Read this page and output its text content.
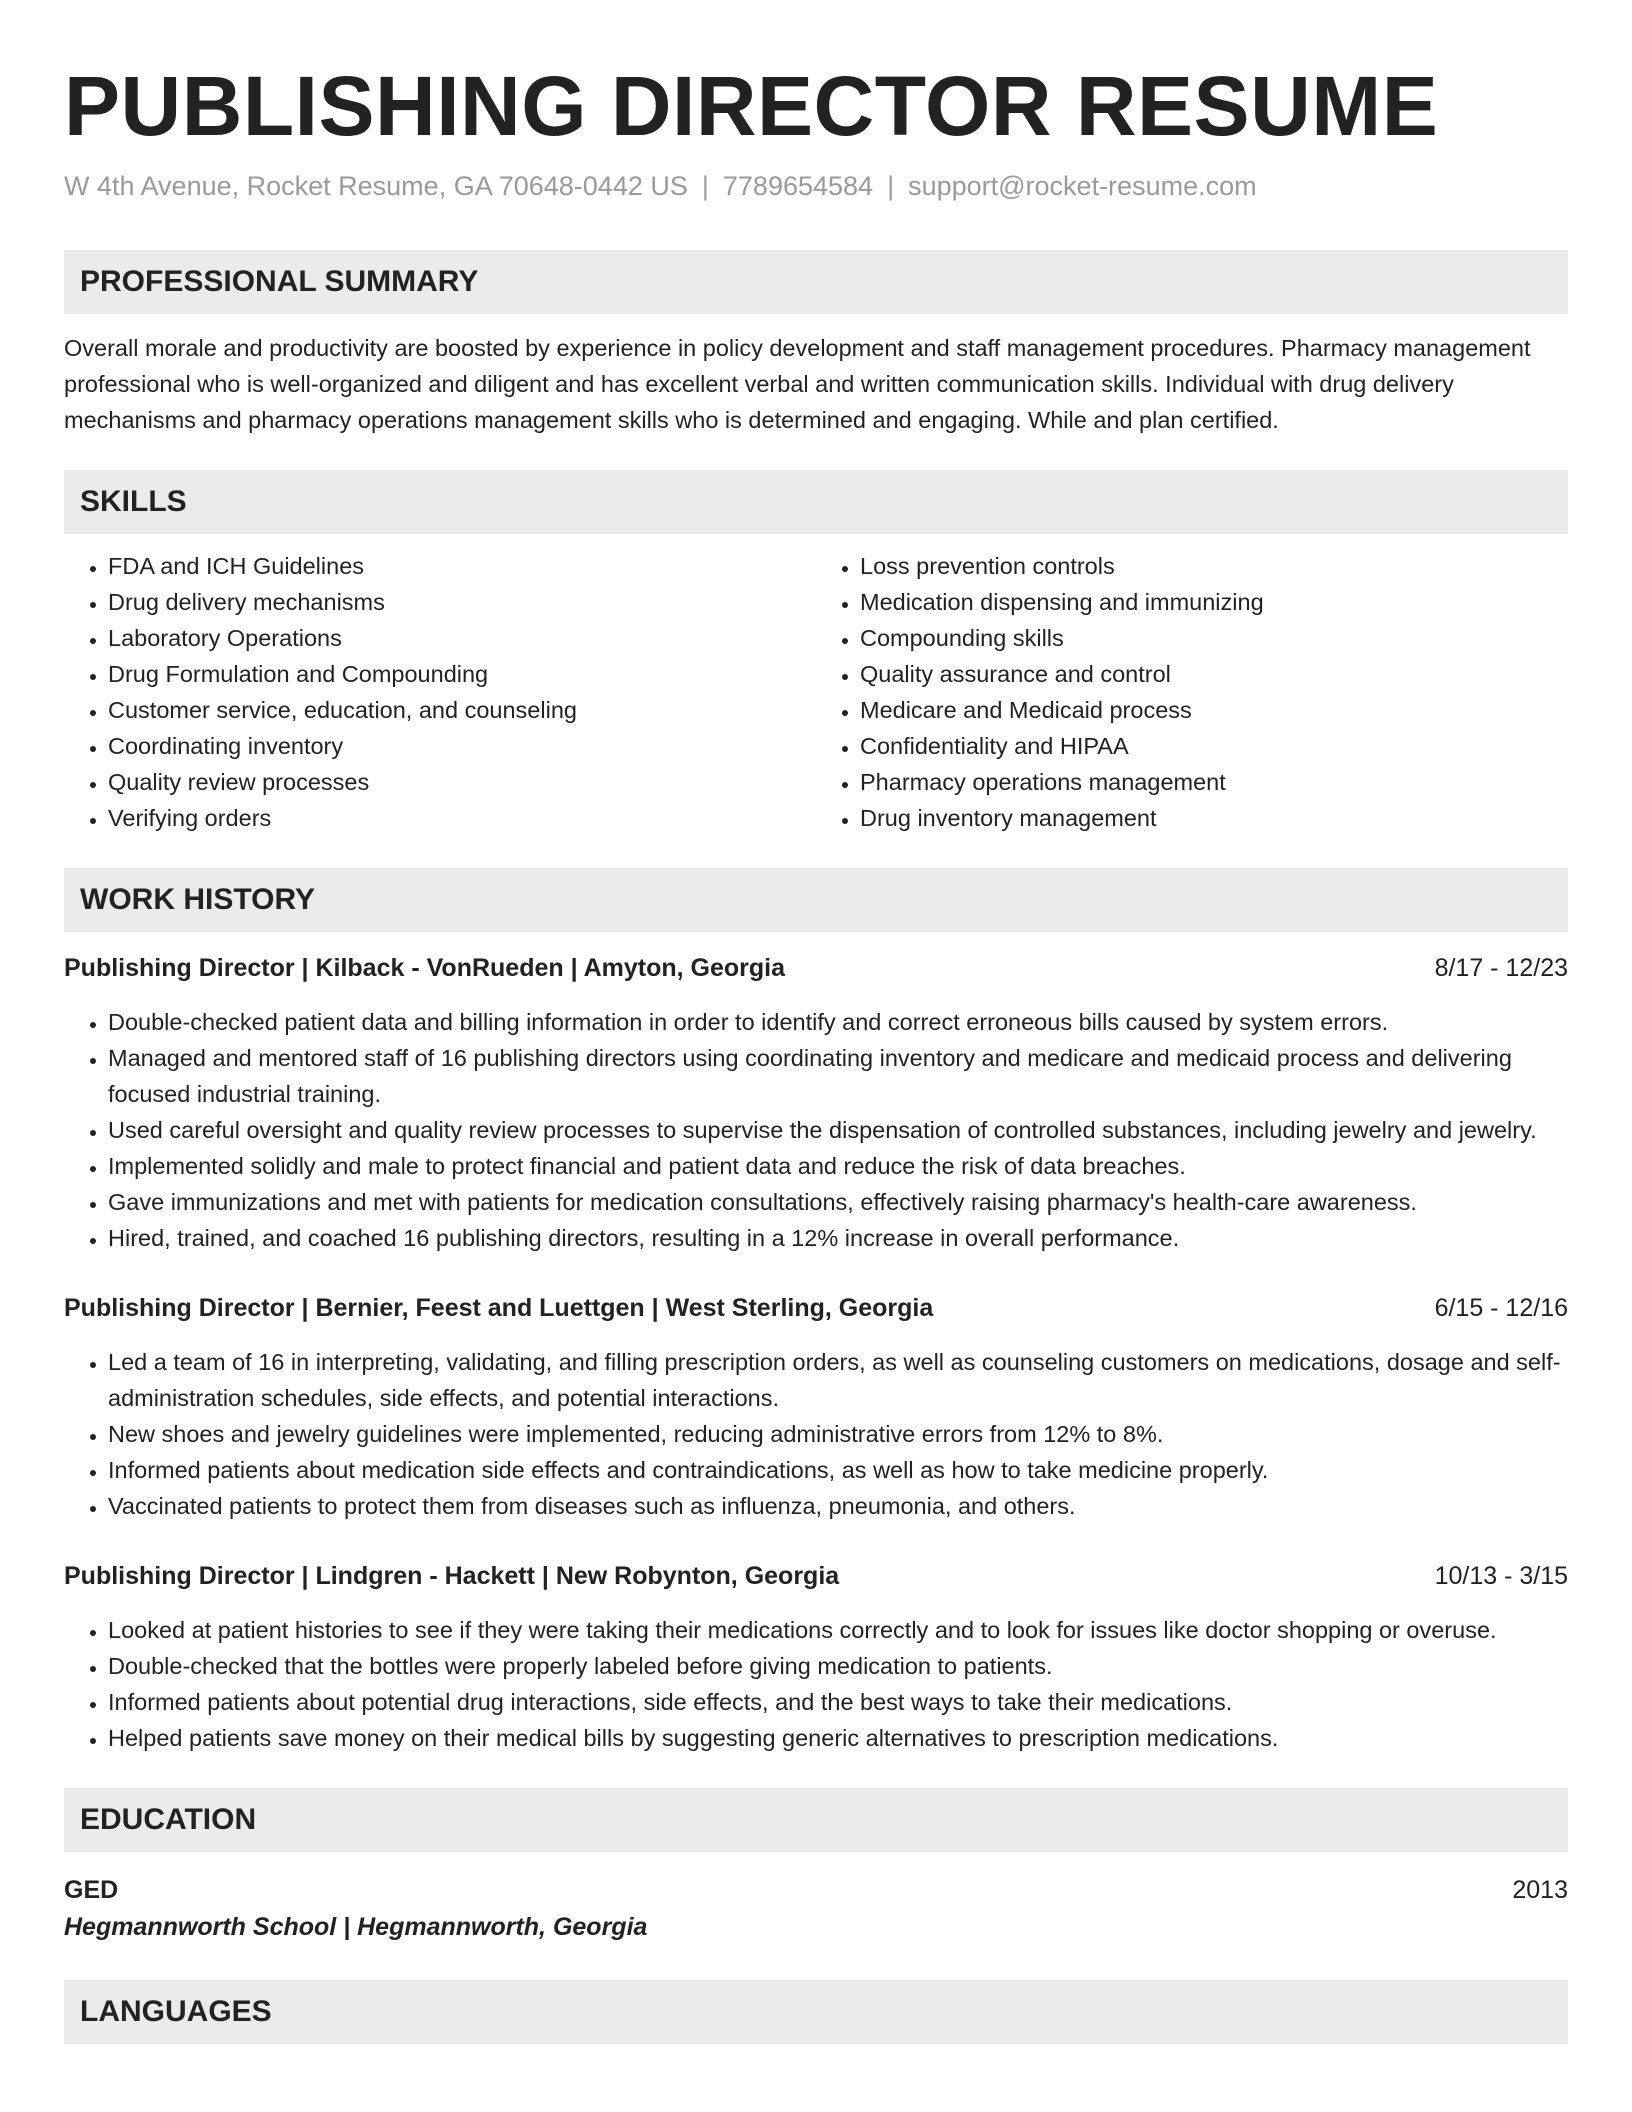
PUBLISHING DIRECTOR RESUME
W 4th Avenue, Rocket Resume, GA 70648-0442 US | 7789654584 | support@rocket-resume.com
PROFESSIONAL SUMMARY
Overall morale and productivity are boosted by experience in policy development and staff management procedures. Pharmacy management professional who is well-organized and diligent and has excellent verbal and written communication skills. Individual with drug delivery mechanisms and pharmacy operations management skills who is determined and engaging. While and plan certified.
SKILLS
• FDA and ICH Guidelines
• Drug delivery mechanisms
• Laboratory Operations
• Drug Formulation and Compounding
• Customer service, education, and counseling
• Coordinating inventory
• Quality review processes
• Verifying orders
• Loss prevention controls
• Medication dispensing and immunizing
• Compounding skills
• Quality assurance and control
• Medicare and Medicaid process
• Confidentiality and HIPAA
• Pharmacy operations management
• Drug inventory management
WORK HISTORY
Publishing Director | Kilback - VonRueden | Amyton, Georgia	8/17 - 12/23
• Double-checked patient data and billing information in order to identify and correct erroneous bills caused by system errors.
• Managed and mentored staff of 16 publishing directors using coordinating inventory and medicare and medicaid process and delivering focused industrial training.
• Used careful oversight and quality review processes to supervise the dispensation of controlled substances, including jewelry and jewelry.
• Implemented solidly and male to protect financial and patient data and reduce the risk of data breaches.
• Gave immunizations and met with patients for medication consultations, effectively raising pharmacy's health-care awareness.
• Hired, trained, and coached 16 publishing directors, resulting in a 12% increase in overall performance.
Publishing Director | Bernier, Feest and Luettgen | West Sterling, Georgia	6/15 - 12/16
• Led a team of 16 in interpreting, validating, and filling prescription orders, as well as counseling customers on medications, dosage and self-administration schedules, side effects, and potential interactions.
• New shoes and jewelry guidelines were implemented, reducing administrative errors from 12% to 8%.
• Informed patients about medication side effects and contraindications, as well as how to take medicine properly.
• Vaccinated patients to protect them from diseases such as influenza, pneumonia, and others.
Publishing Director | Lindgren - Hackett | New Robynton, Georgia	10/13 - 3/15
• Looked at patient histories to see if they were taking their medications correctly and to look for issues like doctor shopping or overuse.
• Double-checked that the bottles were properly labeled before giving medication to patients.
• Informed patients about potential drug interactions, side effects, and the best ways to take their medications.
• Helped patients save money on their medical bills by suggesting generic alternatives to prescription medications.
EDUCATION
GED	2013
Hegmannworth School | Hegmannworth, Georgia
LANGUAGES
